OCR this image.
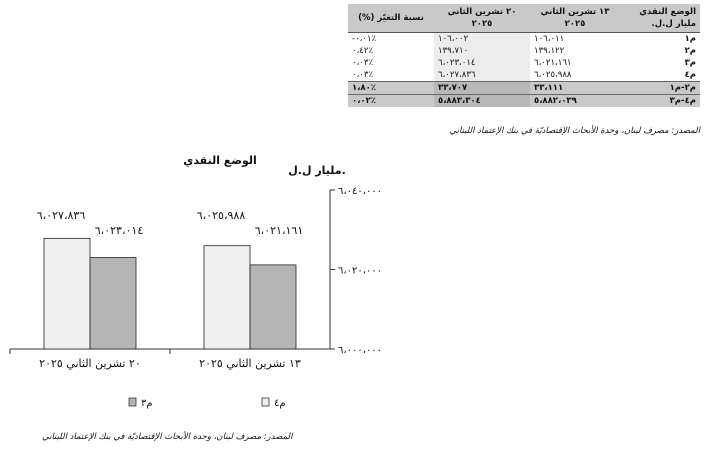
الوضع النقدي مليار ل.ل.	١٣ تشرين الثاني ٢٠٢٥	٢٠ تشرين الثاني ٢٠٢٥	نسبة التغيّر (%)
م١	١٠٦،٠١١	١٠٦،٠٠٢	-٠،٠١٪
م٢	١٣٩،١٢٢	١٣٩،٧١٠	٠،٤٢٪
م٣	٦،٠٢١،١٦١	٦،٠٢٣،٠١٤	٠،٠٣٪
م٤	٦،٠٢٥،٩٨٨	٦،٠٢٧،٨٣٦	٠،٠٣٪
م٢-م١	٣٣،١١١	٣٣،٧٠٧	١،٨٠٪
م٤-م٣	٥،٨٨٢،٠٣٩	٥،٨٨٣،٣٠٤	٠،٠٢٪
المصدر: مصرف لبنان، وحدة الأبحاث الإقتصاديّة في بنك الإعتماد اللبناني
الوضع النقدي
مليار ل.ل.
٦،٠٠٠،٠٠٠
٦،٠٢٠،٠٠٠
٦،٠٤٠،٠٠٠
٦،٠٢٧،٨٣٦
٦،٠٢٣،٠١٤
٢٠ تشرين الثاني ٢٠٢٥
٦،٠٢٥،٩٨٨
٦،٠٢١،١٦١
١٣ تشرين الثاني ٢٠٢٥
م٤
م٣
المصدر: مصرف لبنان، وحدة الأبحاث الإقتصاديّة في بنك الإعتماد اللبناني
